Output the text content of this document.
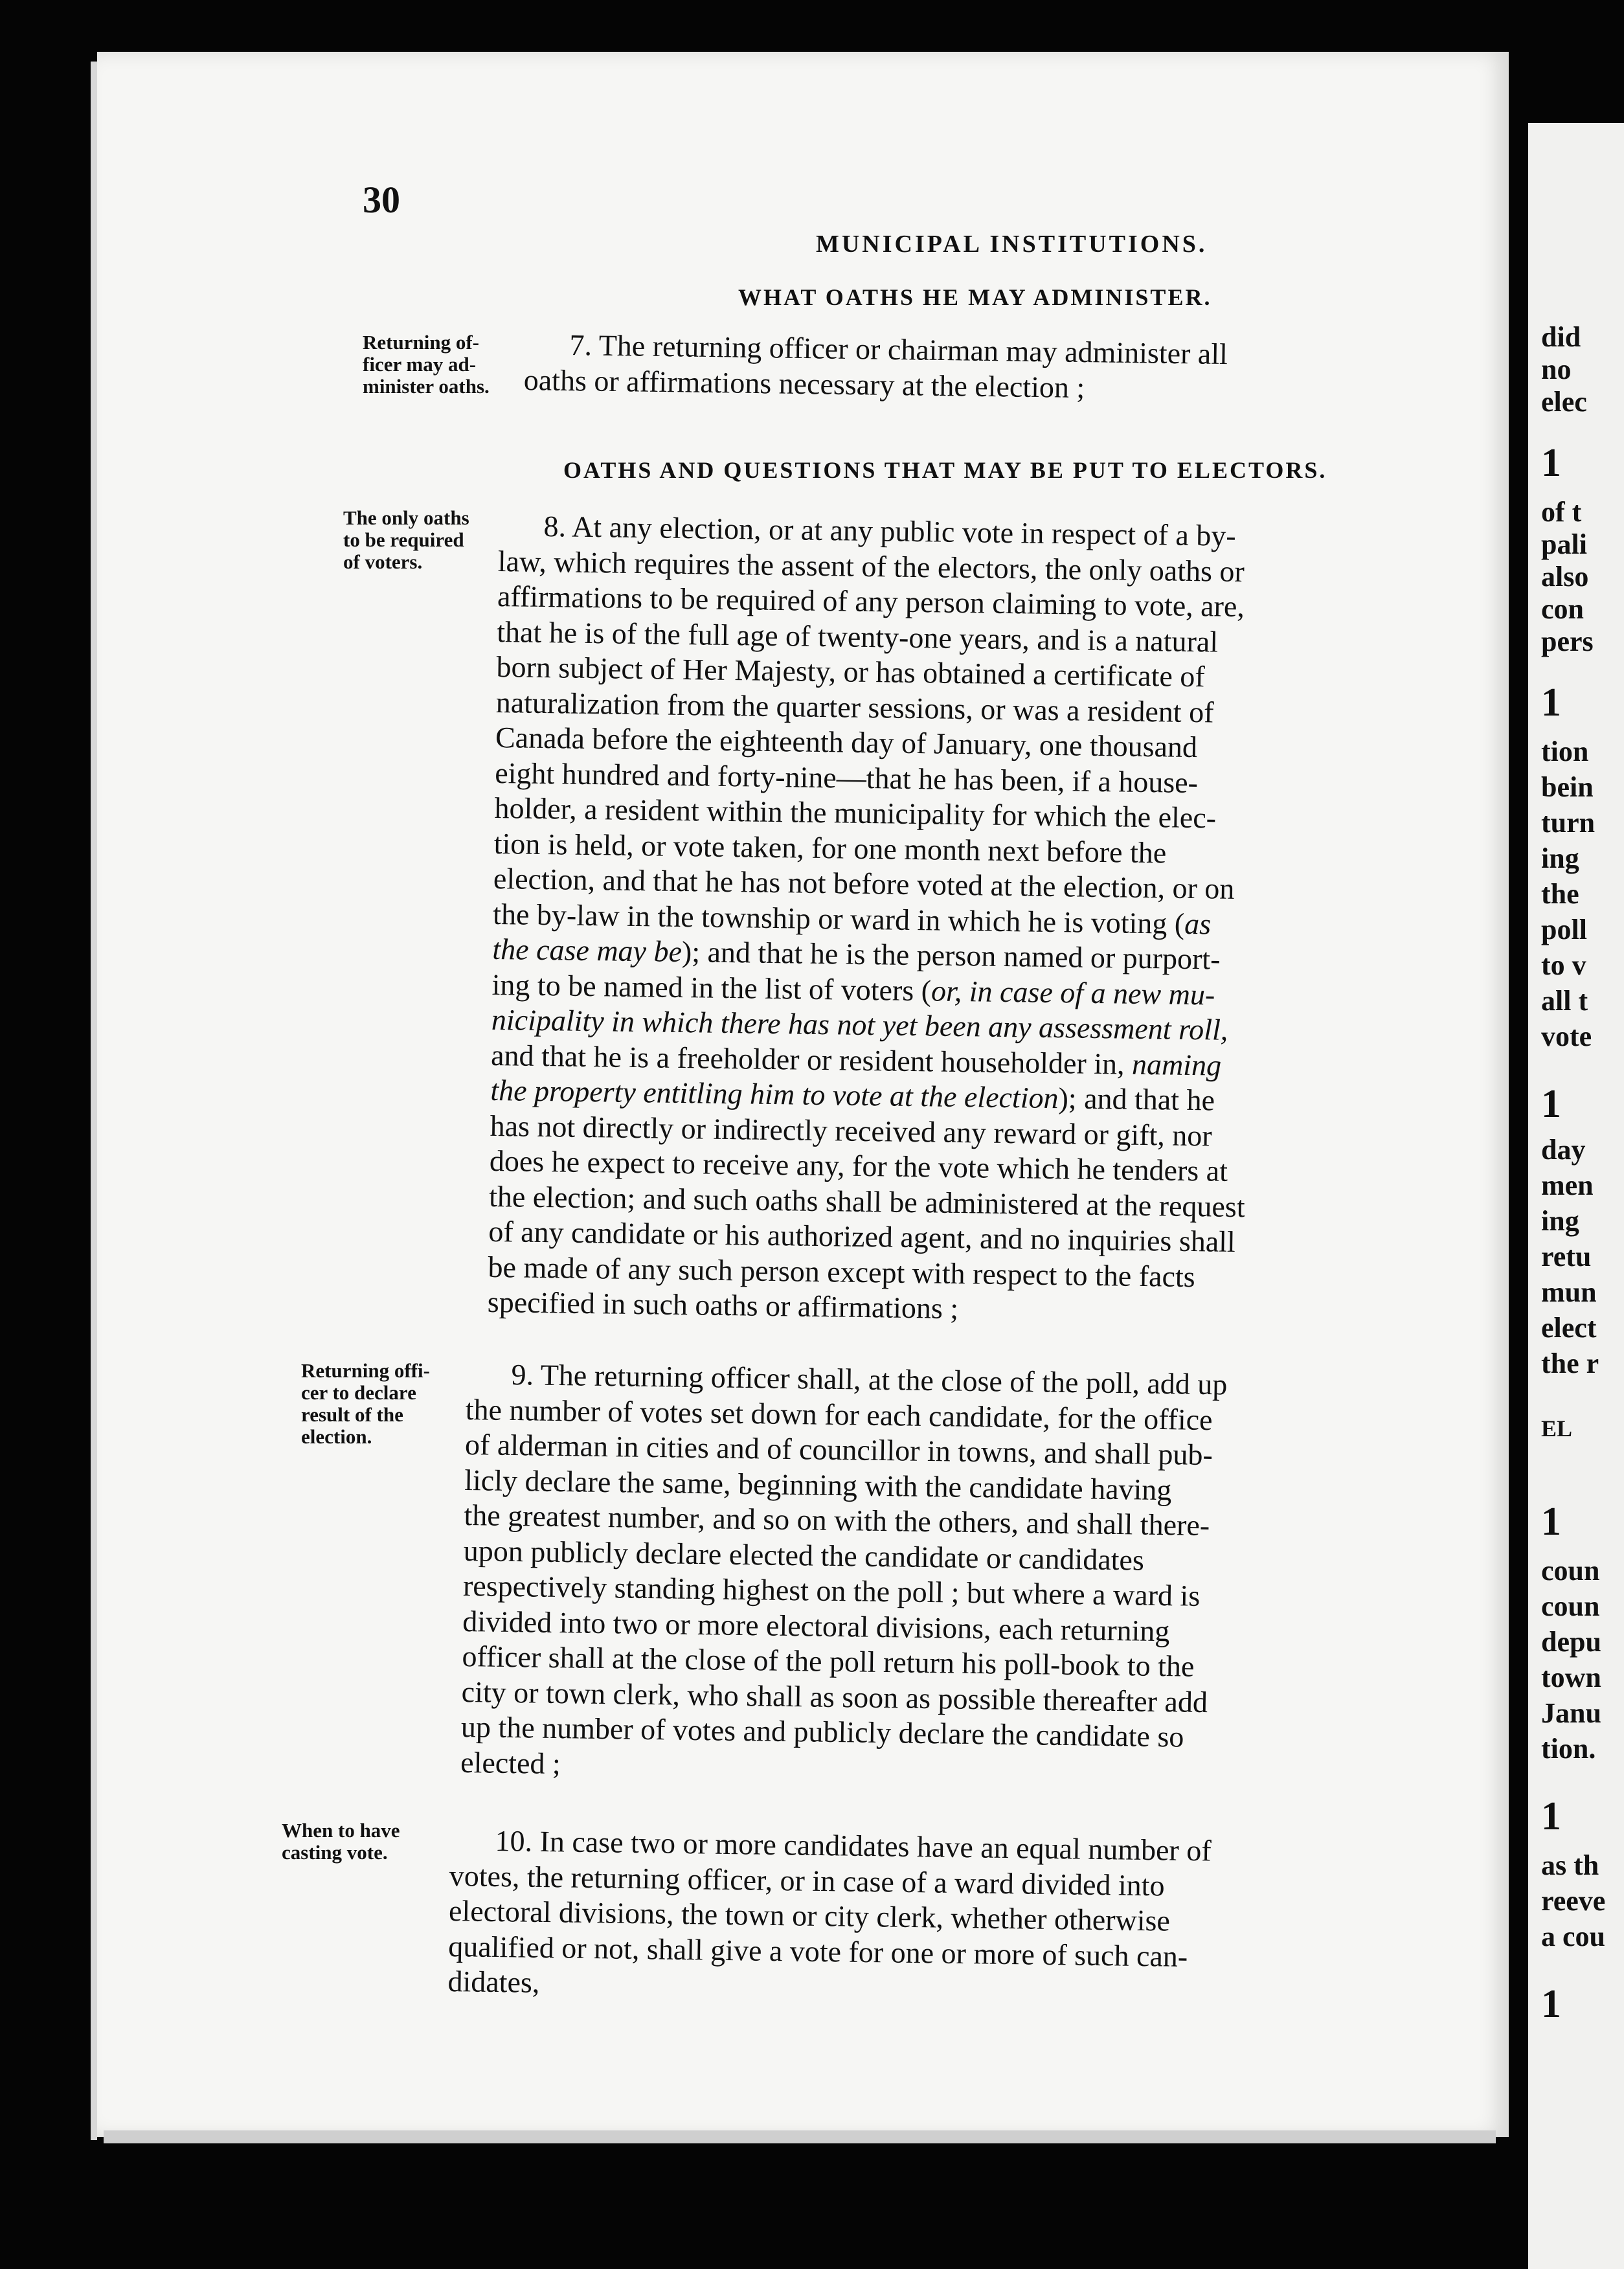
30
MUNICIPAL INSTITUTIONS.
WHAT OATHS HE MAY ADMINISTER.
OATHS AND QUESTIONS THAT MAY BE PUT TO ELECTORS.
Returning of-
ficer may ad-
minister oaths.
The only oaths
to be required
of voters.
Returning offi-
cer to declare
result of the
election.
When to have
casting vote.
7. The returning officer or chairman may administer all
oaths or affirmations necessary at the election ;
8. At any election, or at any public vote in respect of a by-
law, which requires the assent of the electors, the only oaths or
affirmations to be required of any person claiming to vote, are,
that he is of the full age of twenty-one years, and is a natural
born subject of Her Majesty, or has obtained a certificate of
naturalization from the quarter sessions, or was a resident of
Canada before the eighteenth day of January, one thousand
eight hundred and forty-nine—that he has been, if a house-
holder, a resident within the municipality for which the elec-
tion is held, or vote taken, for one month next before the
election, and that he has not before voted at the election, or on
the by-law in the township or ward in which he is voting (as
the case may be); and that he is the person named or purport-
ing to be named in the list of voters (or, in case of a new mu-
nicipality in which there has not yet been any assessment roll,
and that he is a freeholder or resident householder in, naming
the property entitling him to vote at the election); and that he
has not directly or indirectly received any reward or gift, nor
does he expect to receive any, for the vote which he tenders at
the election; and such oaths shall be administered at the request
of any candidate or his authorized agent, and no inquiries shall
be made of any such person except with respect to the facts
specified in such oaths or affirmations ;
9. The returning officer shall, at the close of the poll, add up
the number of votes set down for each candidate, for the office
of alderman in cities and of councillor in towns, and shall pub-
licly declare the same, beginning with the candidate having
the greatest number, and so on with the others, and shall there-
upon publicly declare elected the candidate or candidates
respectively standing highest on the poll ; but where a ward is
divided into two or more electoral divisions, each returning
officer shall at the close of the poll return his poll-book to the
city or town clerk, who shall as soon as possible thereafter add
up the number of votes and publicly declare the candidate so
elected ;
10. In case two or more candidates have an equal number of
votes, the returning officer, or in case of a ward divided into
electoral divisions, the town or city clerk, whether otherwise
qualified or not, shall give a vote for one or more of such can-
didates,
did
no
elec
1
of t
pali
also
con
pers
1
tion
bein
turn
ing
the
poll
to v
all t
vote
1
day
men
ing
retu
mun
elect
the r
EL
1
coun
coun
depu
town
Janu
tion.
1
as th
reeve
a cou
1
